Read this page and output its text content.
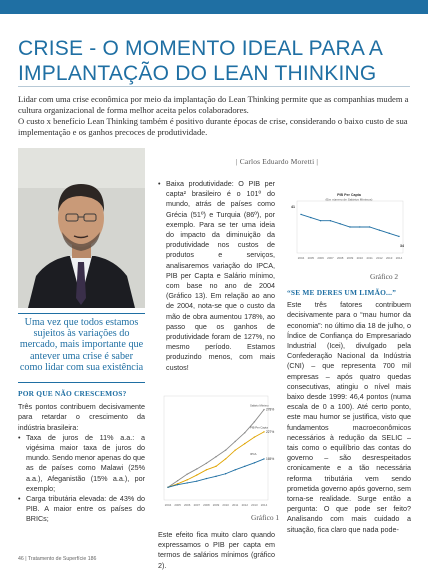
CRISE - O MOMENTO IDEAL PARA A
IMPLANTAÇÃO DO LEAN THINKING

Lidar com uma crise econômica por meio da implantação do Lean Thinking permite que as companhias mudem a cultura organizacional de forma melhor aceita pelos colaboradores.

O custo x benefício Lean Thinking também é positivo durante épocas de crise, considerando o baixo custo de sua implementação e os ganhos precoces de produtividade.

| Carlos Eduardo Moretti |

Uma vez que todos estamos sujeitos às variações do mercado, mais importante que antever uma crise é saber como lidar com sua existência

POR QUE NÃO CRESCEMOS?

Três pontos contribuem decisivamente para retardar o crescimento da indústria brasileira:

• Taxa de juros de 11% a.a.: a vigésima maior taxa de juros do mundo. Sendo menor apenas do que as de países como Malawi (25% a.a.), Afeganistão (15% a.a.), por exemplo;
• Carga tributária elevada: de 43% do PIB. A maior entre os países do BRICs;
• Baixa produtividade: O PIB per capta² brasileiro é o 101º do mundo, atrás de países como Grécia (51º) e Turquia (86º), por exemplo. Para se ter uma ideia do impacto da diminuição da produtividade nos custos de produtos e serviços, analisaremos variação do IPCA, PIB per Capta e Salário mínimo, com base no ano de 2004 (Gráfico 13). Em relação ao ano de 2004, nota-se que o custo da mão de obra aumentou 178%, ao passo que os ganhos de produtividade foram de 127%, no mesmo período. Estamos produzindo menos, com mais custos!
2004 2005 2006 2007 2008 2009 2010 2011 2012 2013 2014
Salário Mínimo
278%
PIB Per Capta
227%
IPCA
165%
Gráfico 1

Este efeito fica muito claro quando expressamos o PIB per capta em termos de salários mínimos (gráfico 2).

PIB Per Capta
(Em número de Salários Mínimos)
2004 2005 2006 2007 2008 2009 2010 2011 2012 2013 2014
41
34
Gráfico 2
“SE ME DERES UM LIMÃO...”

Este três fatores contribuem decisivamente para o “mau humor da economia”: no último dia 18 de julho, o Índice de Confiança do Empresariado Industrial (Icei), divulgado pela Confederação Nacional da Indústria (CNI) – que representa 700 mil empresas – após quatro quedas consecutivas, atingiu o nível mais baixo desde 1999: 46,4 pontos (numa escala de 0 a 100). Até certo ponto, este mau humor se justifica, visto que fundamentos macroeconômicos necessários à redução da SELIC – tais como o equilíbrio das contas do governo – são desrespeitados cronicamente e a tão necessária reforma tributária vem sendo prometida governo após governo, sem torna-se realidade. Surge então a pergunta: O que pode ser feito? Analisando com mais cuidado a situação, fica claro que nada pode-

46 | Tratamento de Superfície 186
